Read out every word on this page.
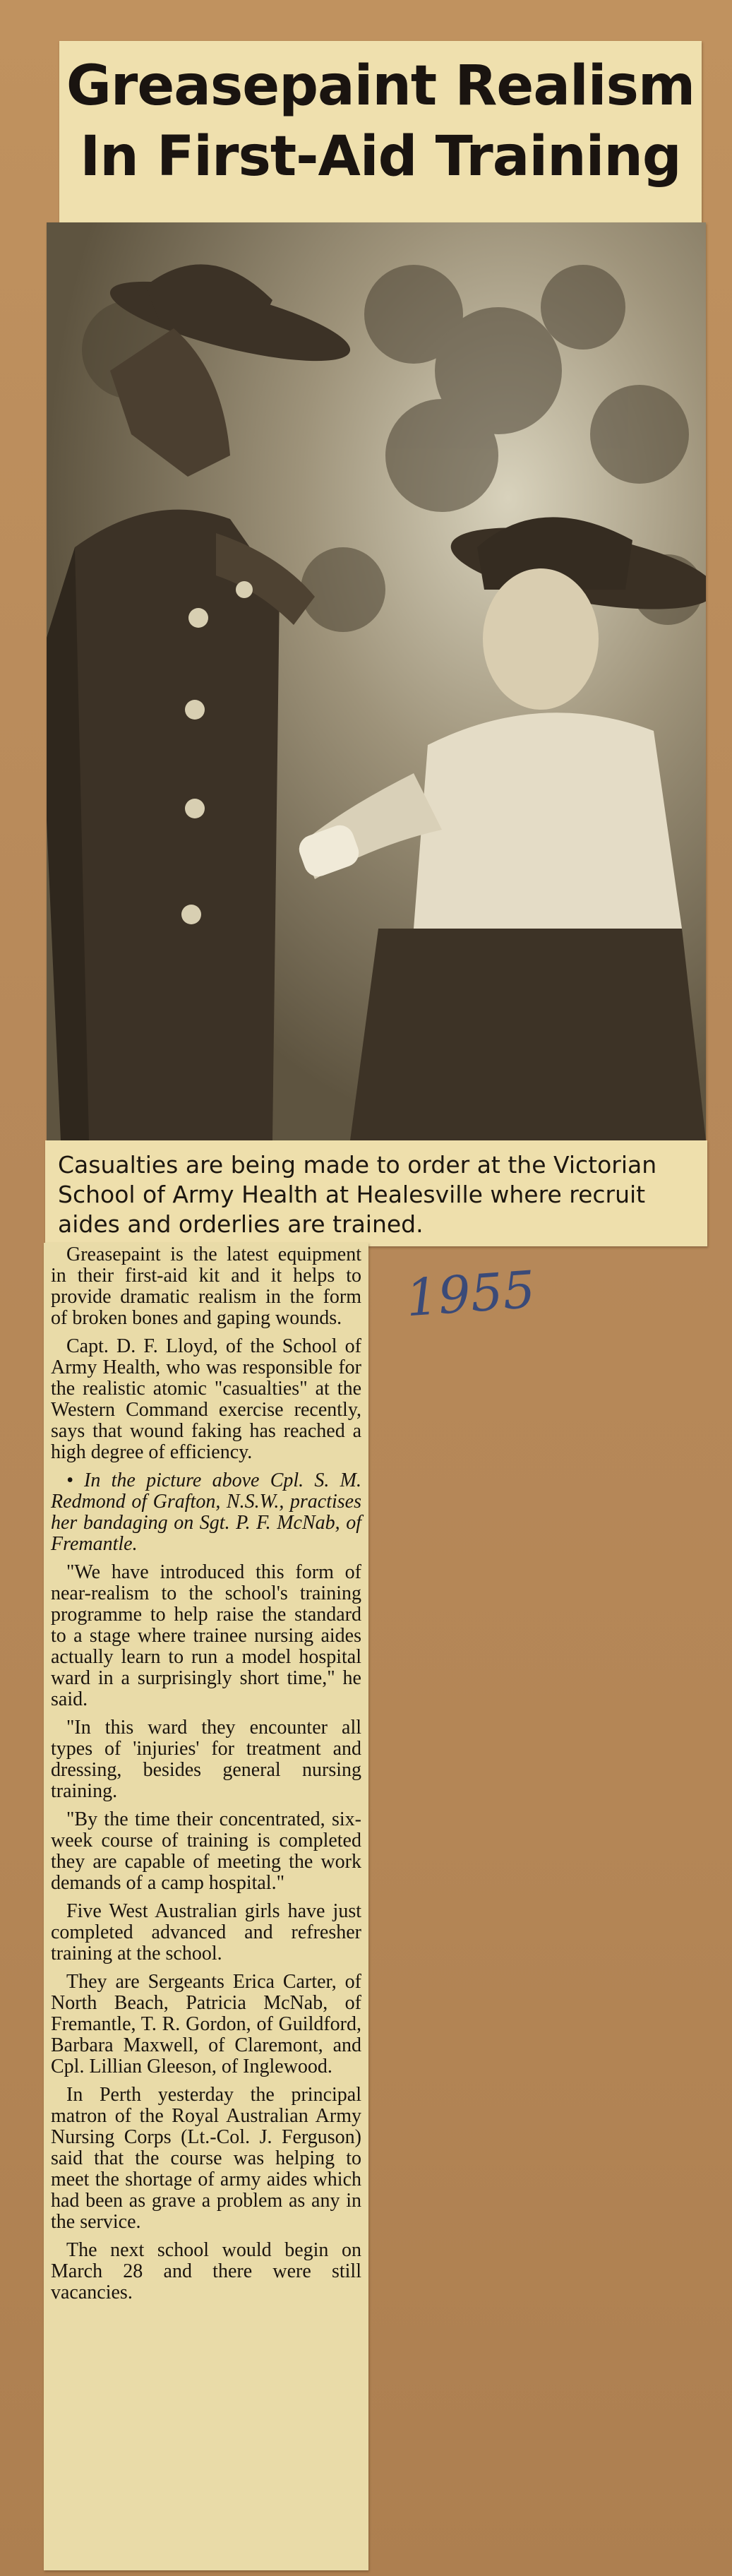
Greasepaint Realism
In First-Aid Training
Casualties are being made to order at the Victorian School of Army Health at Healesville where recruit aides and orderlies are trained.

Greasepaint is the latest equipment in their first-aid kit and it helps to provide dramatic realism in the form of broken bones and gaping wounds.

Capt. D. F. Lloyd, of the School of Army Health, who was responsible for the realistic atomic "casualties" at the Western Command exercise recently, says that wound faking has reached a high degree of efficiency.

• In the picture above Cpl. S. M. Redmond of Grafton, N.S.W., practises her bandaging on Sgt. P. F. McNab, of Fremantle.

"We have introduced this form of near-realism to the school's training programme to help raise the standard to a stage where trainee nursing aides actually learn to run a model hospital ward in a surprisingly short time," he said.

"In this ward they encounter all types of 'injuries' for treatment and dressing, besides general nursing training.

"By the time their concentrated, six-week course of training is completed they are capable of meeting the work demands of a camp hospital."

Five West Australian girls have just completed advanced and refresher training at the school.

They are Sergeants Erica Carter, of North Beach, Patricia McNab, of Fremantle, T. R. Gordon, of Guildford, Barbara Maxwell, of Claremont, and Cpl. Lillian Gleeson, of Inglewood.

In Perth yesterday the principal matron of the Royal Australian Army Nursing Corps (Lt.-Col. J. Ferguson) said that the course was helping to meet the shortage of army aides which had been as grave a problem as any in the service.

The next school would begin on March 28 and there were still vacancies.

1955
